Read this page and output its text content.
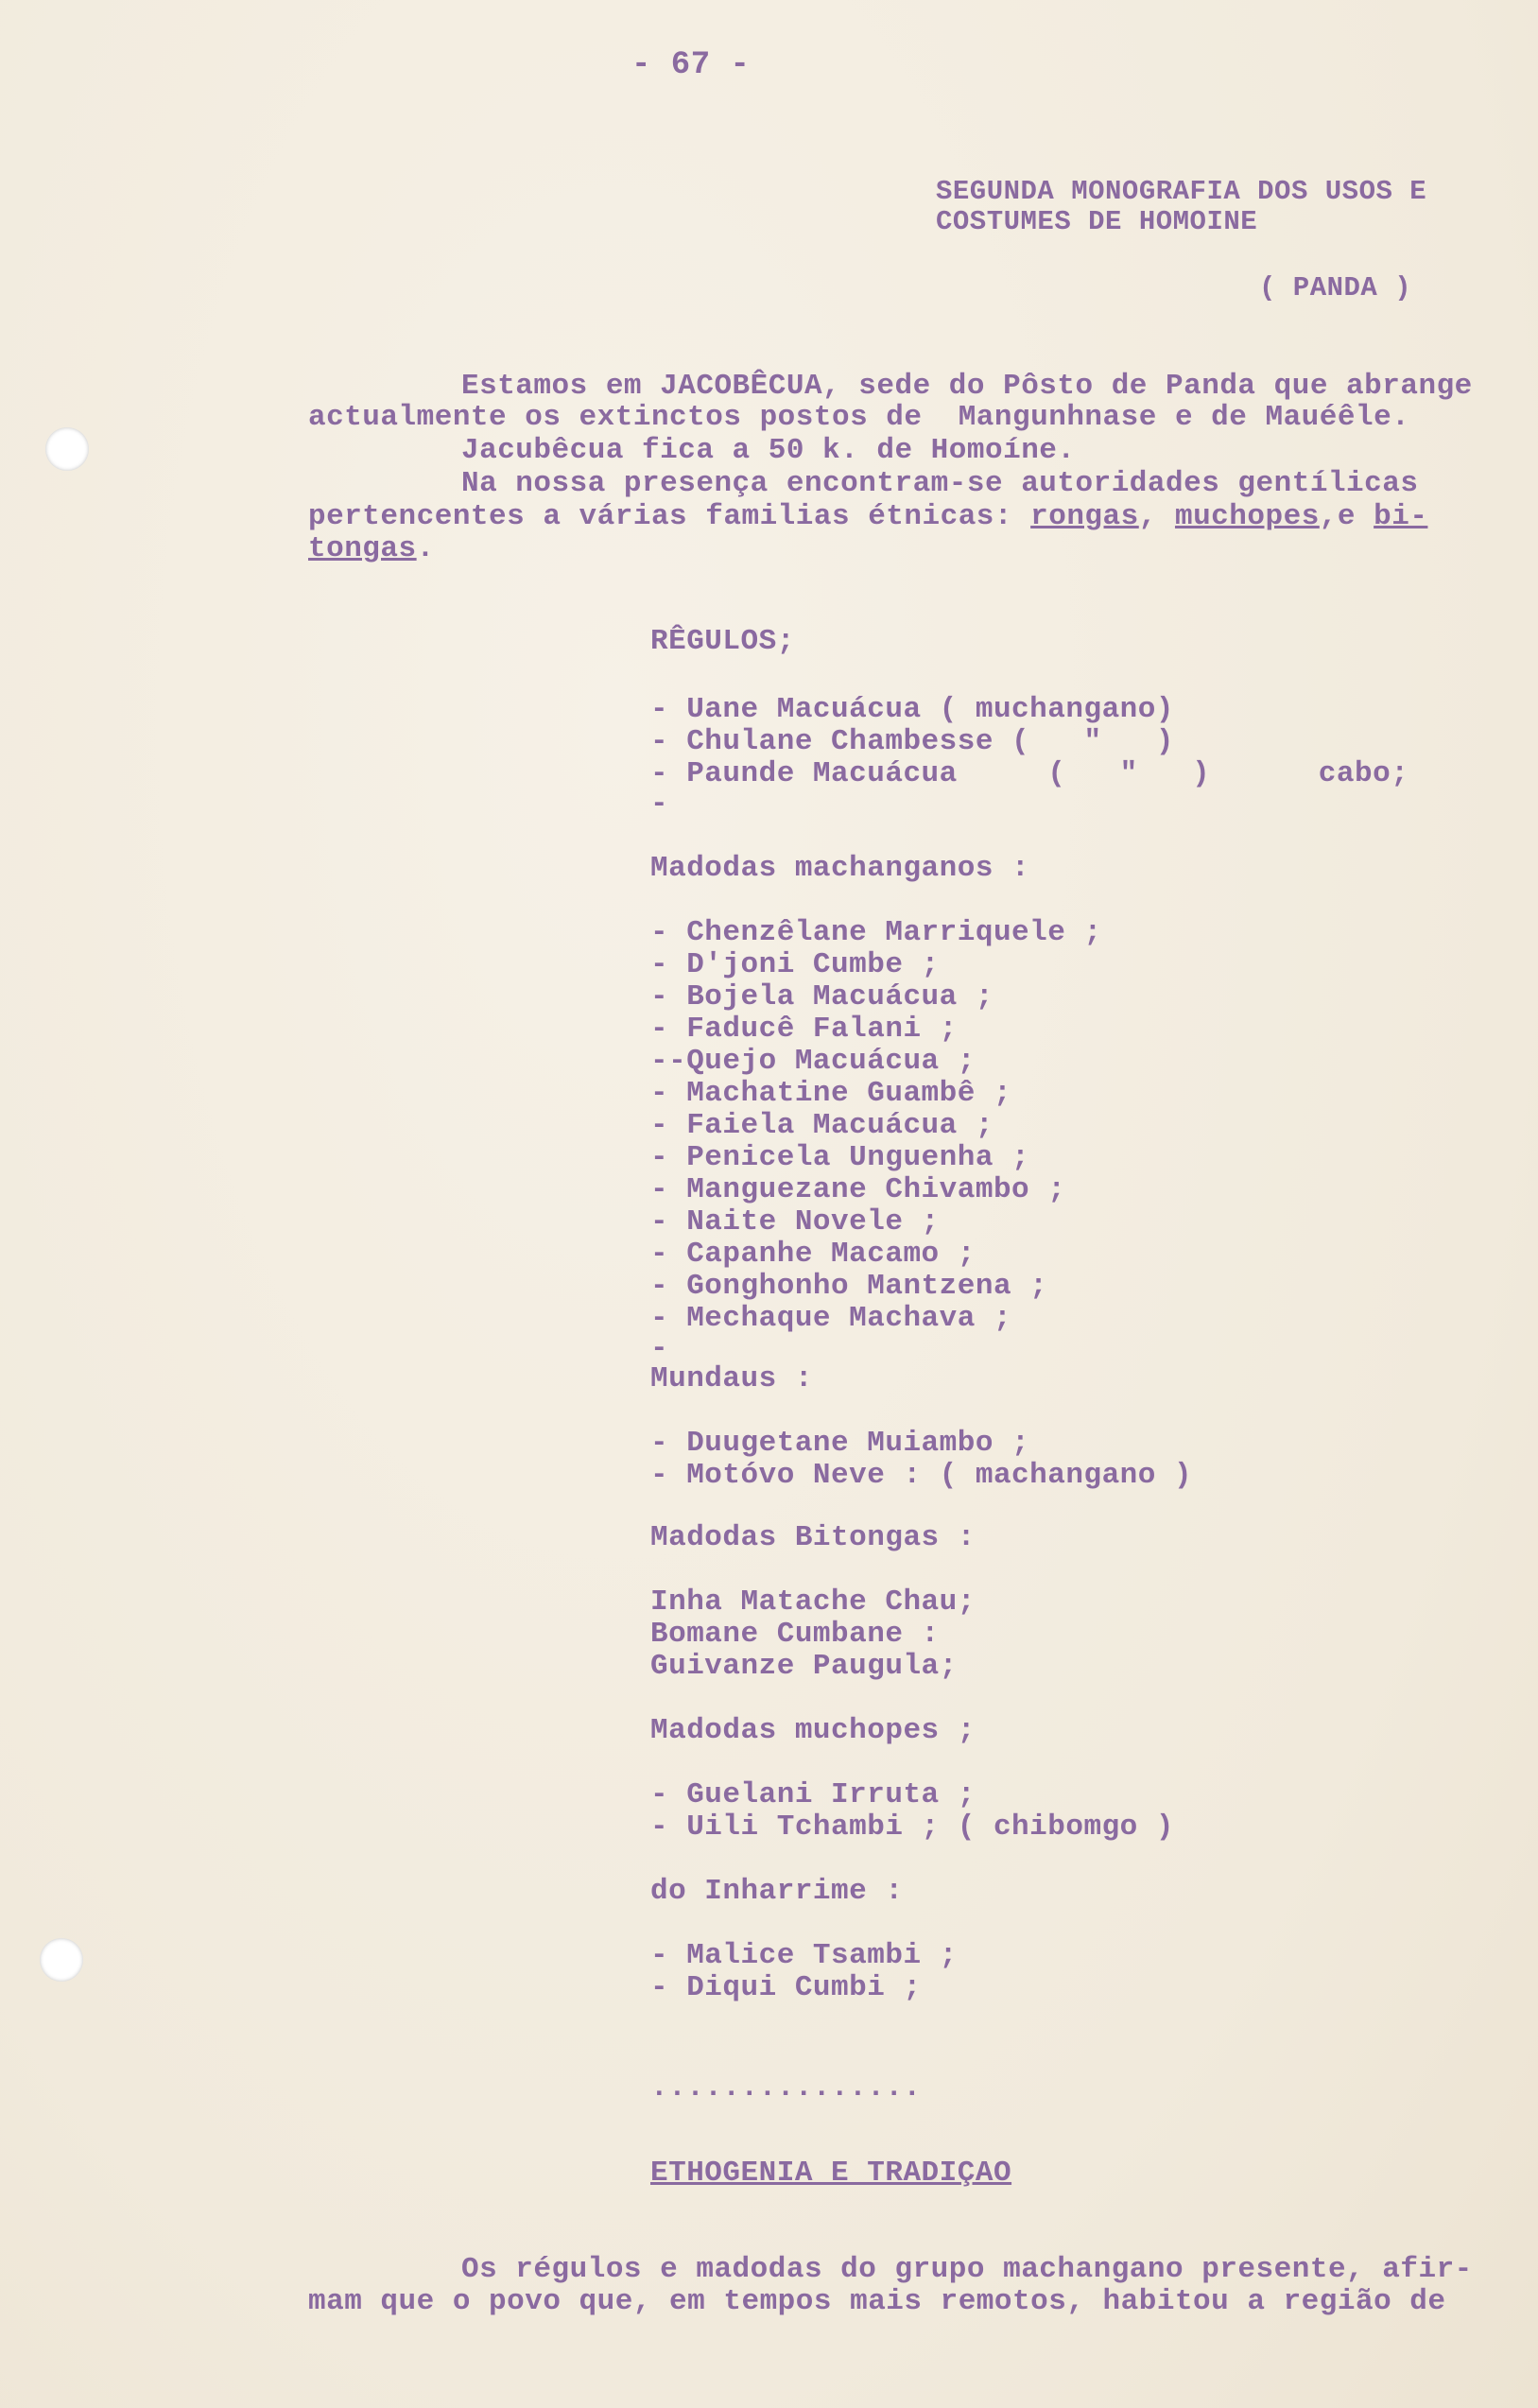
- 67 -
SEGUNDA MONOGRAFIA DOS USOS E
COSTUMES DE HOMOINE
( PANDA )
Estamos em JACOBÊCUA, sede do Pôsto de Panda que abrange
actualmente os extinctos postos de  Mangunhnase e de Mauéêle.
Jacubêcua fica a 50 k. de Homoíne.
Na nossa presença encontram-se autoridades gentílicas
pertencentes a várias familias étnicas: rongas, muchopes,e bi-
tongas.
RÊGULOS;
- Uane Macuácua ( muchangano)
- Chulane Chambesse (   "   )
- Paunde Macuácua     (   "   )      cabo;
-
Madodas machanganos :
- Chenzêlane Marriquele ;
- D'joni Cumbe ;
- Bojela Macuácua ;
- Faducê Falani ;
--Quejo Macuácua ;
- Machatine Guambê ;
- Faiela Macuácua ;
- Penicela Unguenha ;
- Manguezane Chivambo ;
- Naite Novele ;
- Capanhe Macamo ;
- Gonghonho Mantzena ;
- Mechaque Machava ;
-
Mundaus :
- Duugetane Muiambo ;
- Motóvo Neve : ( machangano )
Madodas Bitongas :
Inha Matache Chau;
Bomane Cumbane :
Guivanze Paugula;
Madodas muchopes ;
- Guelani Irruta ;
- Uili Tchambi ; ( chibomgo )
do Inharrime :
- Malice Tsambi ;
- Diqui Cumbi ;
...............
ETHOGENIA E TRADIÇAO
Os régulos e madodas do grupo machangano presente, afir-
mam que o povo que, em tempos mais remotos, habitou a região de
